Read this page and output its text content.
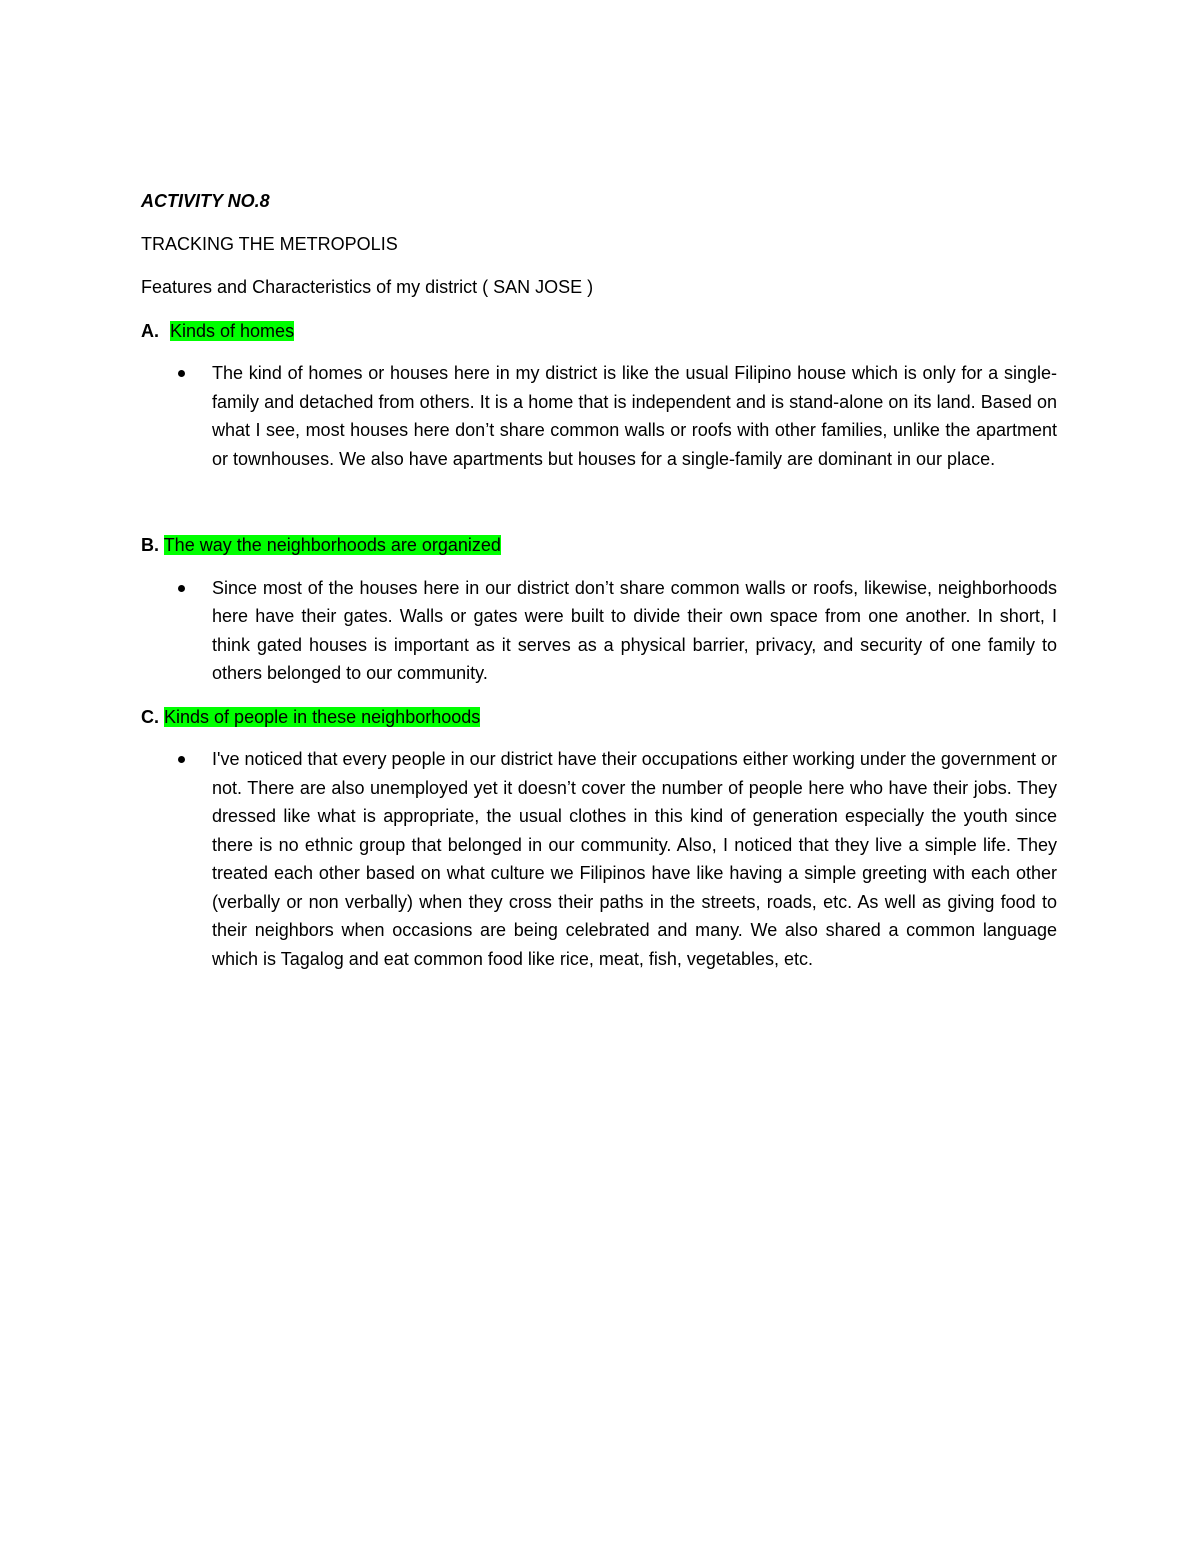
ACTIVITY NO.8

TRACKING THE METROPOLIS

Features and Characteristics of my district ( SAN JOSE )

A. Kinds of homes

The kind of homes or houses here in my district is like the usual Filipino house which is only for a single-family and detached from others. It is a home that is independent and is stand-alone on its land. Based on what I see, most houses here don’t share common walls or roofs with other families, unlike the apartment or townhouses. We also have apartments but houses for a single-family are dominant in our place.

B. The way the neighborhoods are organized

Since most of the houses here in our district don’t share common walls or roofs, likewise, neighborhoods here have their gates. Walls or gates were built to divide their own space from one another. In short, I think gated houses is important as it serves as a physical barrier, privacy, and security of one family to others belonged to our community.

C. Kinds of people in these neighborhoods

I've noticed that every people in our district have their occupations either working under the government or not. There are also unemployed yet it doesn’t cover the number of people here who have their jobs. They dressed like what is appropriate, the usual clothes in this kind of generation especially the youth since there is no ethnic group that belonged in our community. Also, I noticed that they live a simple life. They treated each other based on what culture we Filipinos have like having a simple greeting with each other (verbally or non verbally) when they cross their paths in the streets, roads, etc. As well as giving food to their neighbors when occasions are being celebrated and many. We also shared a common language which is Tagalog and eat common food like rice, meat, fish, vegetables, etc.
